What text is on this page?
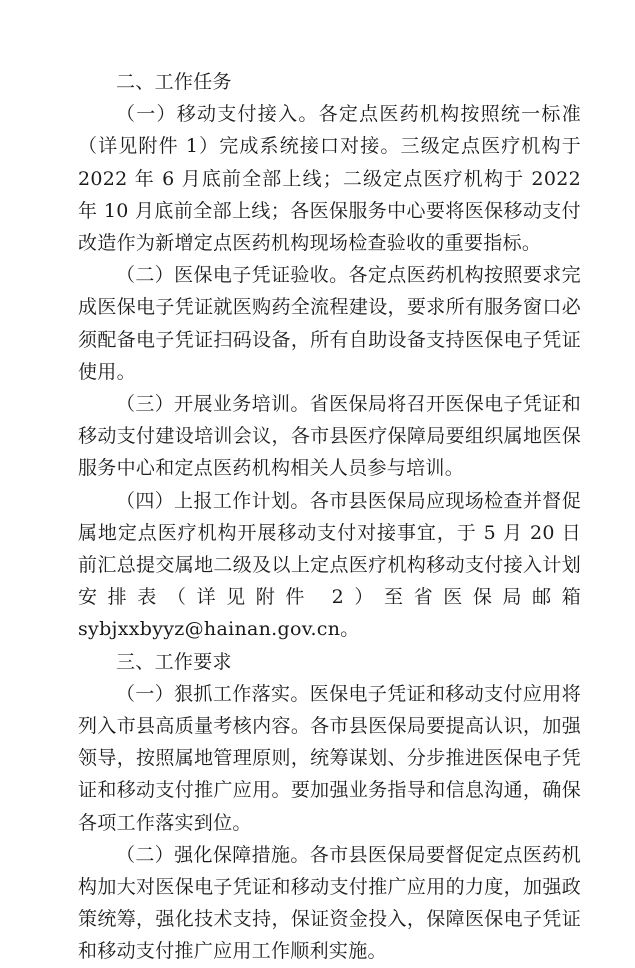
二、工作任务

（一）移动支付接入。各定点医药机构按照统一标准（详见附件 1）完成系统接口对接。三级定点医疗机构于 2022 年 6 月底前全部上线；二级定点医疗机构于 2022 年 10 月底前全部上线；各医保服务中心要将医保移动支付改造作为新增定点医药机构现场检查验收的重要指标。

（二）医保电子凭证验收。各定点医药机构按照要求完成医保电子凭证就医购药全流程建设，要求所有服务窗口必须配备电子凭证扫码设备，所有自助设备支持医保电子凭证使用。

（三）开展业务培训。省医保局将召开医保电子凭证和移动支付建设培训会议，各市县医疗保障局要组织属地医保服务中心和定点医药机构相关人员参与培训。

（四）上报工作计划。各市县医保局应现场检查并督促属地定点医疗机构开展移动支付对接事宜，于 5 月 20 日前汇总提交属地二级及以上定点医疗机构移动支付接入计划安排表（详见附件 2）至省医保局邮箱 sybjxxbyyz@hainan.gov.cn。

三、工作要求

（一）狠抓工作落实。医保电子凭证和移动支付应用将列入市县高质量考核内容。各市县医保局要提高认识，加强领导，按照属地管理原则，统筹谋划、分步推进医保电子凭证和移动支付推广应用。要加强业务指导和信息沟通，确保各项工作落实到位。

（二）强化保障措施。各市县医保局要督促定点医药机构加大对医保电子凭证和移动支付推广应用的力度，加强政策统筹，强化技术支持，保证资金投入，保障医保电子凭证和移动支付推广应用工作顺利实施。
